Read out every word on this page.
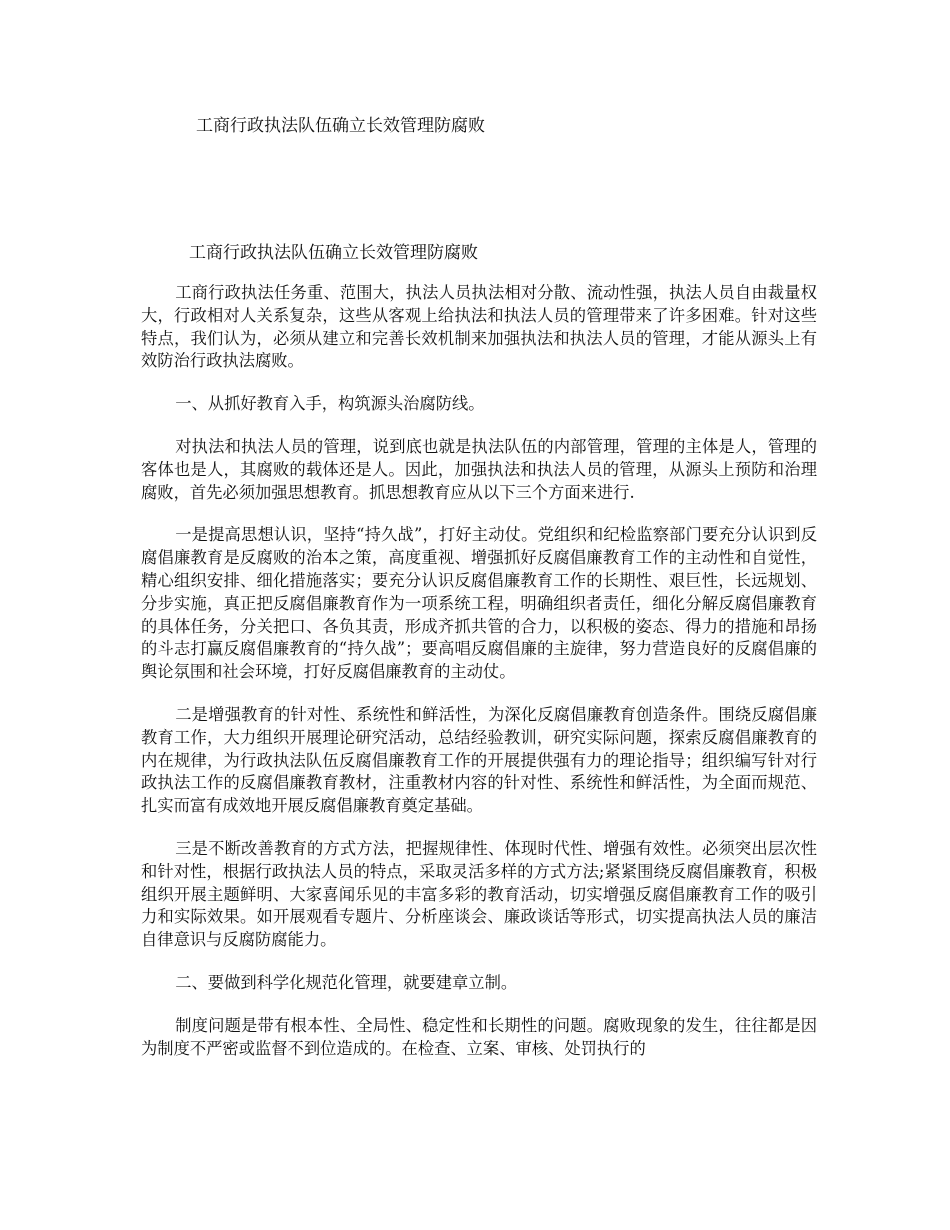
工商行政执法队伍确立长效管理防腐败
工商行政执法队伍确立长效管理防腐败

工商行政执法任务重、范围大，执法人员执法相对分散、流动性强，执法人员自由裁量权大，行政相对人关系复杂，这些从客观上给执法和执法人员的管理带来了许多困难。针对这些特点，我们认为，必须从建立和完善长效机制来加强执法和执法人员的管理，才能从源头上有效防治行政执法腐败。

一、从抓好教育入手，构筑源头治腐防线。

对执法和执法人员的管理，说到底也就是执法队伍的内部管理，管理的主体是人，管理的客体也是人，其腐败的载体还是人。因此，加强执法和执法人员的管理，从源头上预防和治理腐败，首先必须加强思想教育。抓思想教育应从以下三个方面来进行.

一是提高思想认识，坚持“持久战”，打好主动仗。党组织和纪检监察部门要充分认识到反腐倡廉教育是反腐败的治本之策，高度重视、增强抓好反腐倡廉教育工作的主动性和自觉性，精心组织安排、细化措施落实；要充分认识反腐倡廉教育工作的长期性、艰巨性，长远规划、分步实施，真正把反腐倡廉教育作为一项系统工程，明确组织者责任，细化分解反腐倡廉教育的具体任务，分关把口、各负其责，形成齐抓共管的合力，以积极的姿态、得力的措施和昂扬的斗志打赢反腐倡廉教育的“持久战”；要高唱反腐倡廉的主旋律，努力营造良好的反腐倡廉的舆论氛围和社会环境，打好反腐倡廉教育的主动仗。

二是增强教育的针对性、系统性和鲜活性，为深化反腐倡廉教育创造条件。围绕反腐倡廉教育工作，大力组织开展理论研究活动，总结经验教训，研究实际问题，探索反腐倡廉教育的内在规律，为行政执法队伍反腐倡廉教育工作的开展提供强有力的理论指导；组织编写针对行政执法工作的反腐倡廉教育教材，注重教材内容的针对性、系统性和鲜活性，为全面而规范、扎实而富有成效地开展反腐倡廉教育奠定基础。

三是不断改善教育的方式方法，把握规律性、体现时代性、增强有效性。必须突出层次性和针对性，根据行政执法人员的特点，采取灵活多样的方式方法;紧紧围绕反腐倡廉教育，积极组织开展主题鲜明、大家喜闻乐见的丰富多彩的教育活动，切实增强反腐倡廉教育工作的吸引力和实际效果。如开展观看专题片、分析座谈会、廉政谈话等形式，切实提高执法人员的廉洁自律意识与反腐防腐能力。

二、要做到科学化规范化管理，就要建章立制。

制度问题是带有根本性、全局性、稳定性和长期性的问题。腐败现象的发生，往往都是因为制度不严密或监督不到位造成的。在检查、立案、审核、处罚执行的
